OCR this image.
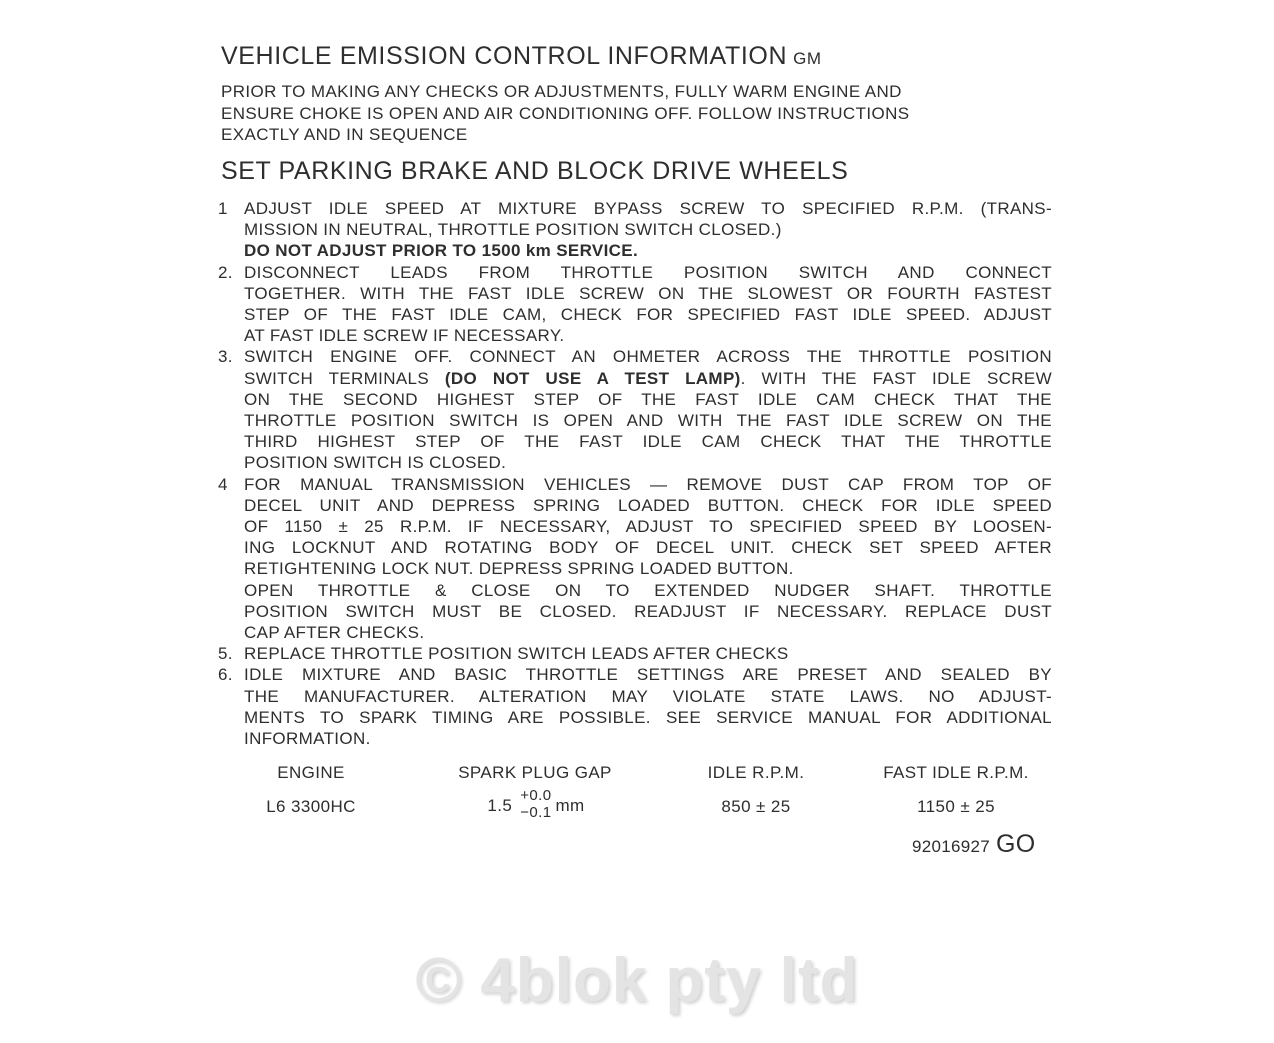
VEHICLE EMISSION CONTROL INFORMATION GM
PRIOR TO MAKING ANY CHECKS OR ADJUSTMENTS, FULLY WARM ENGINE AND
ENSURE CHOKE IS OPEN AND AIR CONDITIONING OFF. FOLLOW INSTRUCTIONS
EXACTLY AND IN SEQUENCE
SET PARKING BRAKE AND BLOCK DRIVE WHEELS
1 ADJUST IDLE SPEED AT MIXTURE BYPASS SCREW TO SPECIFIED R.P.M. (TRANS-
MISSION IN NEUTRAL, THROTTLE POSITION SWITCH CLOSED.)
DO NOT ADJUST PRIOR TO 1500 km SERVICE.
2. DISCONNECT LEADS FROM THROTTLE POSITION SWITCH AND CONNECT
TOGETHER. WITH THE FAST IDLE SCREW ON THE SLOWEST OR FOURTH FASTEST
STEP OF THE FAST IDLE CAM, CHECK FOR SPECIFIED FAST IDLE SPEED. ADJUST
AT FAST IDLE SCREW IF NECESSARY.
3. SWITCH ENGINE OFF. CONNECT AN OHMETER ACROSS THE THROTTLE POSITION
SWITCH TERMINALS (DO NOT USE A TEST LAMP). WITH THE FAST IDLE SCREW
ON THE SECOND HIGHEST STEP OF THE FAST IDLE CAM CHECK THAT THE
THROTTLE POSITION SWITCH IS OPEN AND WITH THE FAST IDLE SCREW ON THE
THIRD HIGHEST STEP OF THE FAST IDLE CAM CHECK THAT THE THROTTLE
POSITION SWITCH IS CLOSED.
4 FOR MANUAL TRANSMISSION VEHICLES — REMOVE DUST CAP FROM TOP OF
DECEL UNIT AND DEPRESS SPRING LOADED BUTTON. CHECK FOR IDLE SPEED
OF 1150 ± 25 R.P.M. IF NECESSARY, ADJUST TO SPECIFIED SPEED BY LOOSEN-
ING LOCKNUT AND ROTATING BODY OF DECEL UNIT. CHECK SET SPEED AFTER
RETIGHTENING LOCK NUT. DEPRESS SPRING LOADED BUTTON.
OPEN THROTTLE & CLOSE ON TO EXTENDED NUDGER SHAFT. THROTTLE
POSITION SWITCH MUST BE CLOSED. READJUST IF NECESSARY. REPLACE DUST
CAP AFTER CHECKS.
5. REPLACE THROTTLE POSITION SWITCH LEADS AFTER CHECKS
6. IDLE MIXTURE AND BASIC THROTTLE SETTINGS ARE PRESET AND SEALED BY
THE MANUFACTURER. ALTERATION MAY VIOLATE STATE LAWS. NO ADJUST-
MENTS TO SPARK TIMING ARE POSSIBLE. SEE SERVICE MANUAL FOR ADDITIONAL
INFORMATION.
ENGINE	SPARK PLUG GAP	IDLE R.P.M.	FAST IDLE R.P.M.
L6 3300HC	1.5
+0.0
−0.1 mm	850 ± 25	1150 ± 25
92016927 GO
© 4blok pty ltd
